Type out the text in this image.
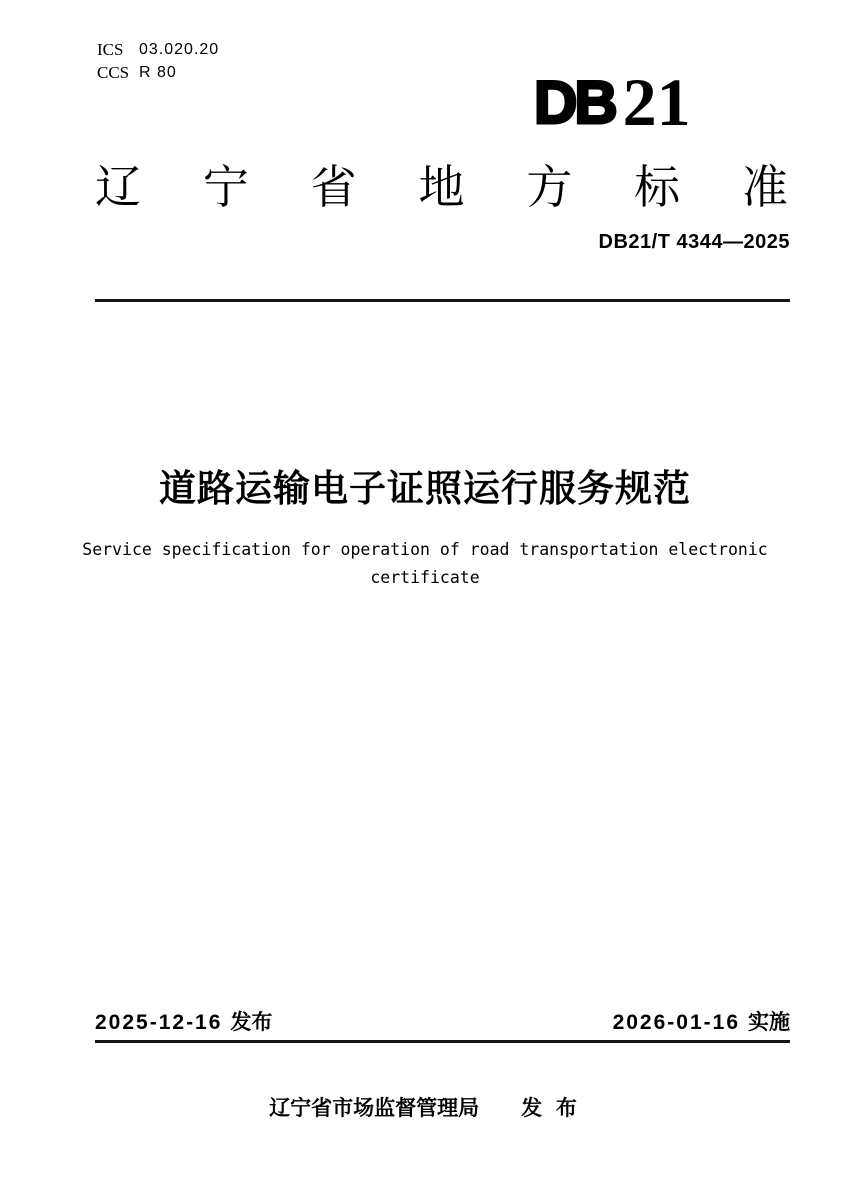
ICS 03.020.20
CCS R 80	DB 21
辽 宁 省 地 方 标 准
DB21/T 4344—2025
道路运输电子证照运行服务规范
Service specification for operation of road transportation electronic
certificate
2025-12-16 发布	2026-01-16 实施
辽宁省市场监督管理局 发 布
